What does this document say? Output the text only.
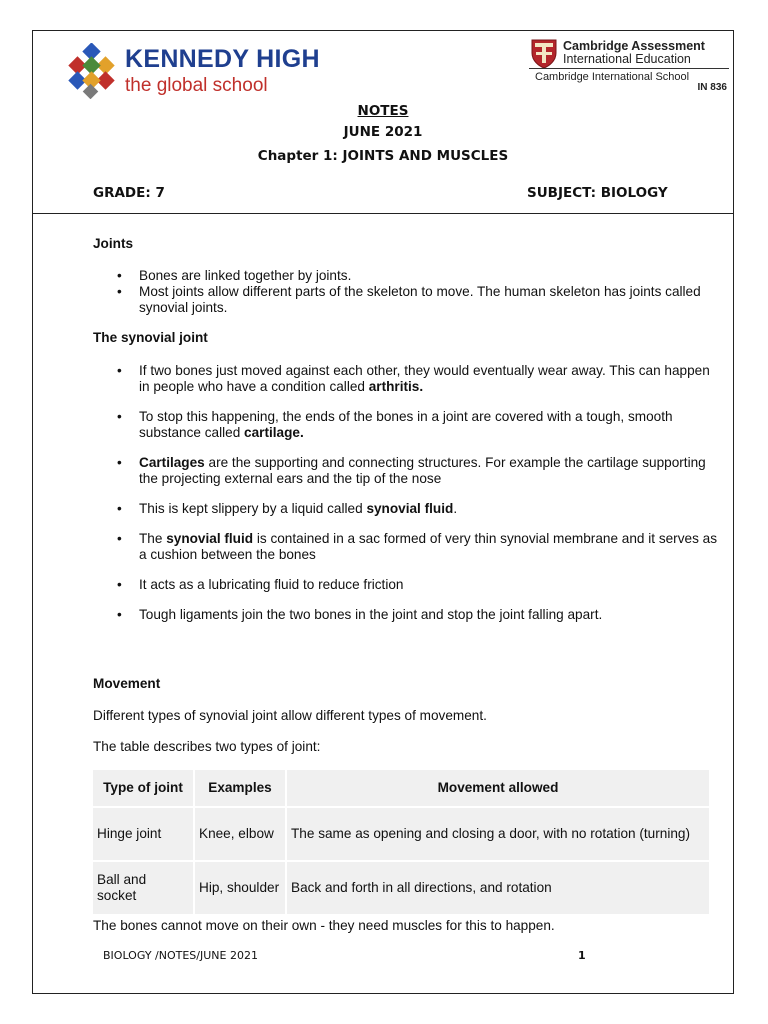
KENNEDY HIGH
the global school
Cambridge Assessment
International Education
Cambridge International School
IN 836
NOTES
JUNE 2021
Chapter 1: JOINTS AND MUSCLES
GRADE: 7	SUBJECT: BIOLOGY
Joints
• Bones are linked together by joints.
• Most joints allow different parts of the skeleton to move. The human skeleton has joints called synovial joints.
The synovial joint
• If two bones just moved against each other, they would eventually wear away. This can happen in people who have a condition called arthritis.
• To stop this happening, the ends of the bones in a joint are covered with a tough, smooth substance called cartilage.
• Cartilages are the supporting and connecting structures. For example the cartilage supporting the projecting external ears and the tip of the nose
• This is kept slippery by a liquid called synovial fluid.
• The synovial fluid is contained in a sac formed of very thin synovial membrane and it serves as a cushion between the bones
• It acts as a lubricating fluid to reduce friction
• Tough ligaments join the two bones in the joint and stop the joint falling apart.
Movement

Different types of synovial joint allow different types of movement.

The table describes two types of joint:

Type of joint	Examples	Movement allowed
Hinge joint	Knee, elbow	The same as opening and closing a door, with no rotation (turning)
Ball and socket	Hip, shoulder	Back and forth in all directions, and rotation

The bones cannot move on their own - they need muscles for this to happen.

BIOLOGY /NOTES/JUNE 2021	1
